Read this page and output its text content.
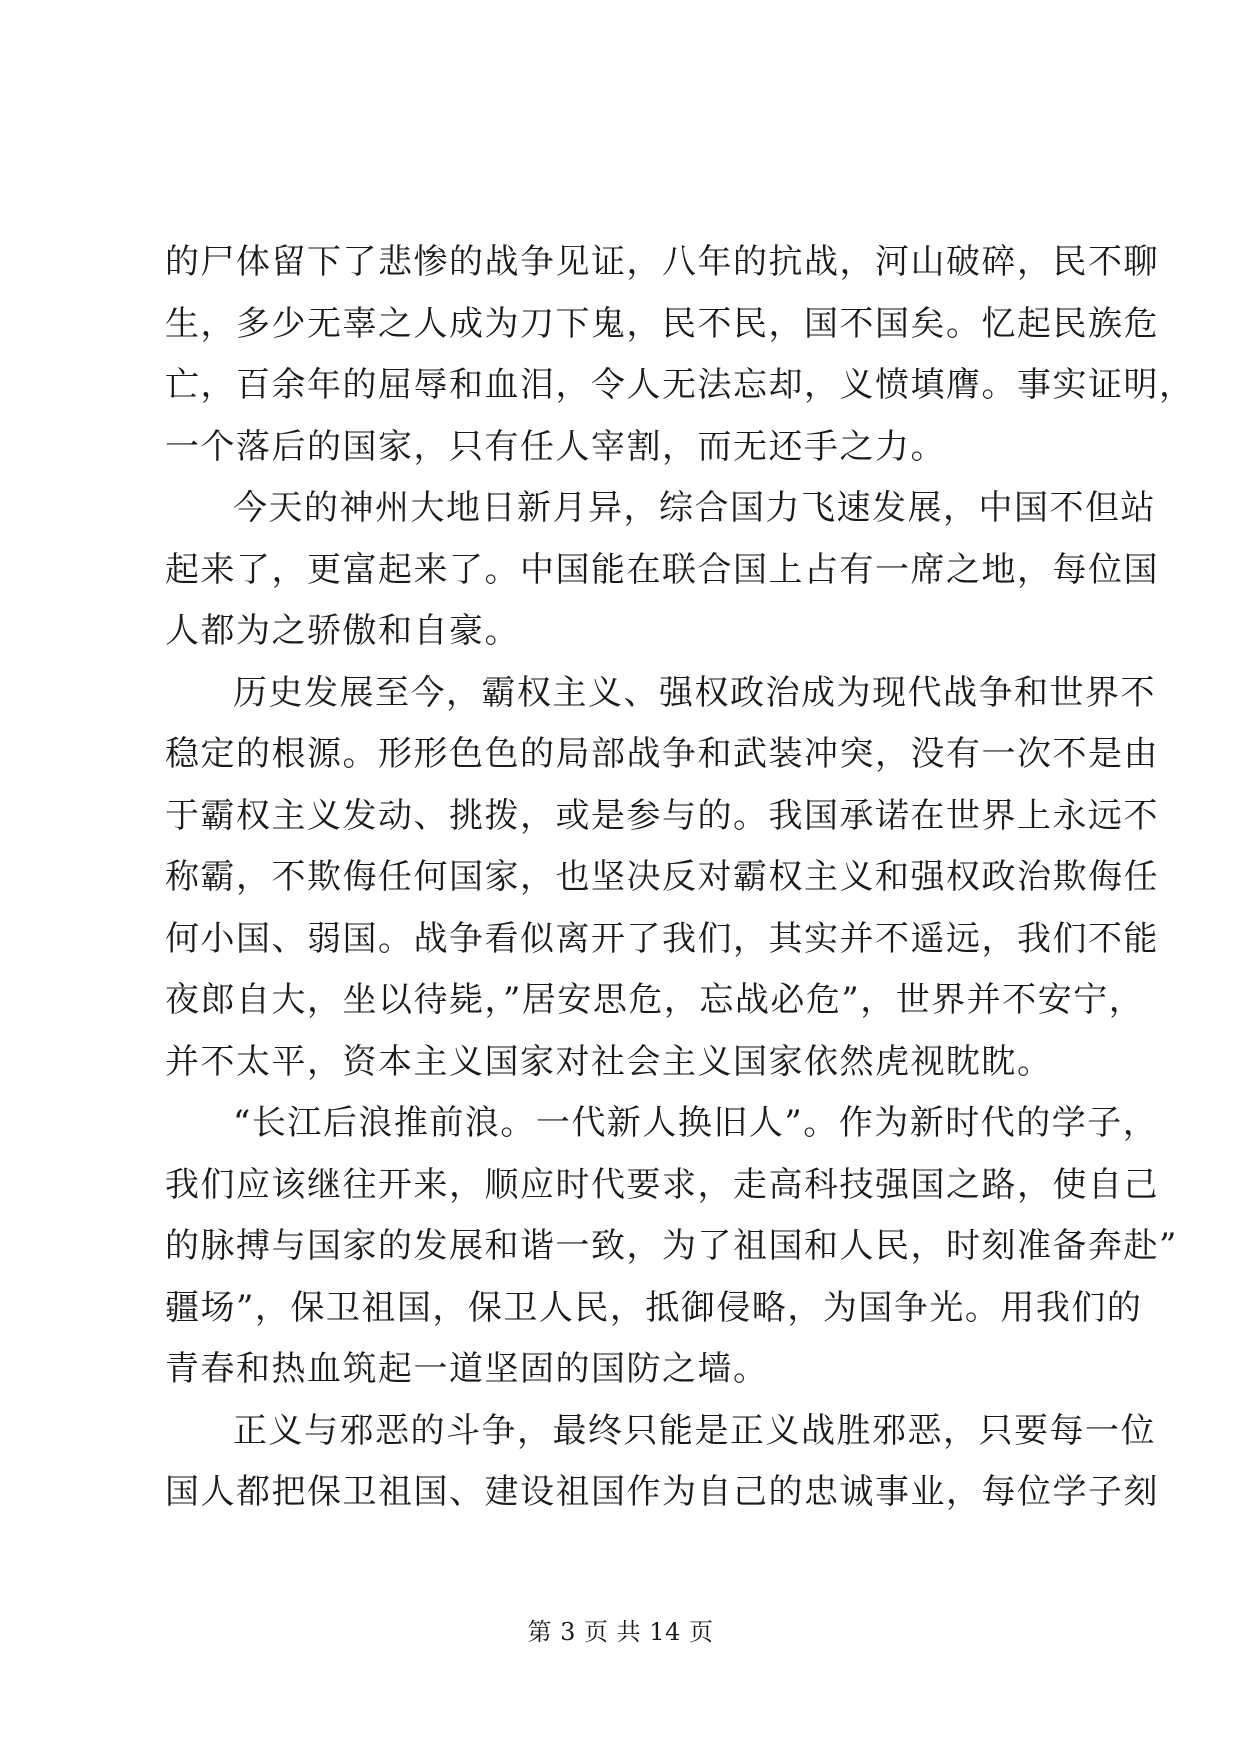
的尸体留下了悲惨的战争见证，八年的抗战，河山破碎，民不聊
生，多少无辜之人成为刀下鬼，民不民，国不国矣。忆起民族危
亡，百余年的屈辱和血泪，令人无法忘却，义愤填膺。事实证明，
一个落后的国家，只有任人宰割，而无还手之力。
今天的神州大地日新月异，综合国力飞速发展，中国不但站
起来了，更富起来了。中国能在联合国上占有一席之地，每位国
人都为之骄傲和自豪。
历史发展至今，霸权主义、强权政治成为现代战争和世界不
稳定的根源。形形色色的局部战争和武装冲突，没有一次不是由
于霸权主义发动、挑拨，或是参与的。我国承诺在世界上永远不
称霸，不欺侮任何国家，也坚决反对霸权主义和强权政治欺侮任
何小国、弱国。战争看似离开了我们，其实并不遥远，我们不能
夜郎自大，坐以待毙，”居安思危，忘战必危”，世界并不安宁，
并不太平，资本主义国家对社会主义国家依然虎视眈眈。
“长江后浪推前浪。一代新人换旧人”。作为新时代的学子，
我们应该继往开来，顺应时代要求，走高科技强国之路，使自己
的脉搏与国家的发展和谐一致，为了祖国和人民，时刻准备奔赴”
疆场”，保卫祖国，保卫人民，抵御侵略，为国争光。用我们的
青春和热血筑起一道坚固的国防之墙。
正义与邪恶的斗争，最终只能是正义战胜邪恶，只要每一位
国人都把保卫祖国、建设祖国作为自己的忠诚事业，每位学子刻
第 3 页 共 14 页
